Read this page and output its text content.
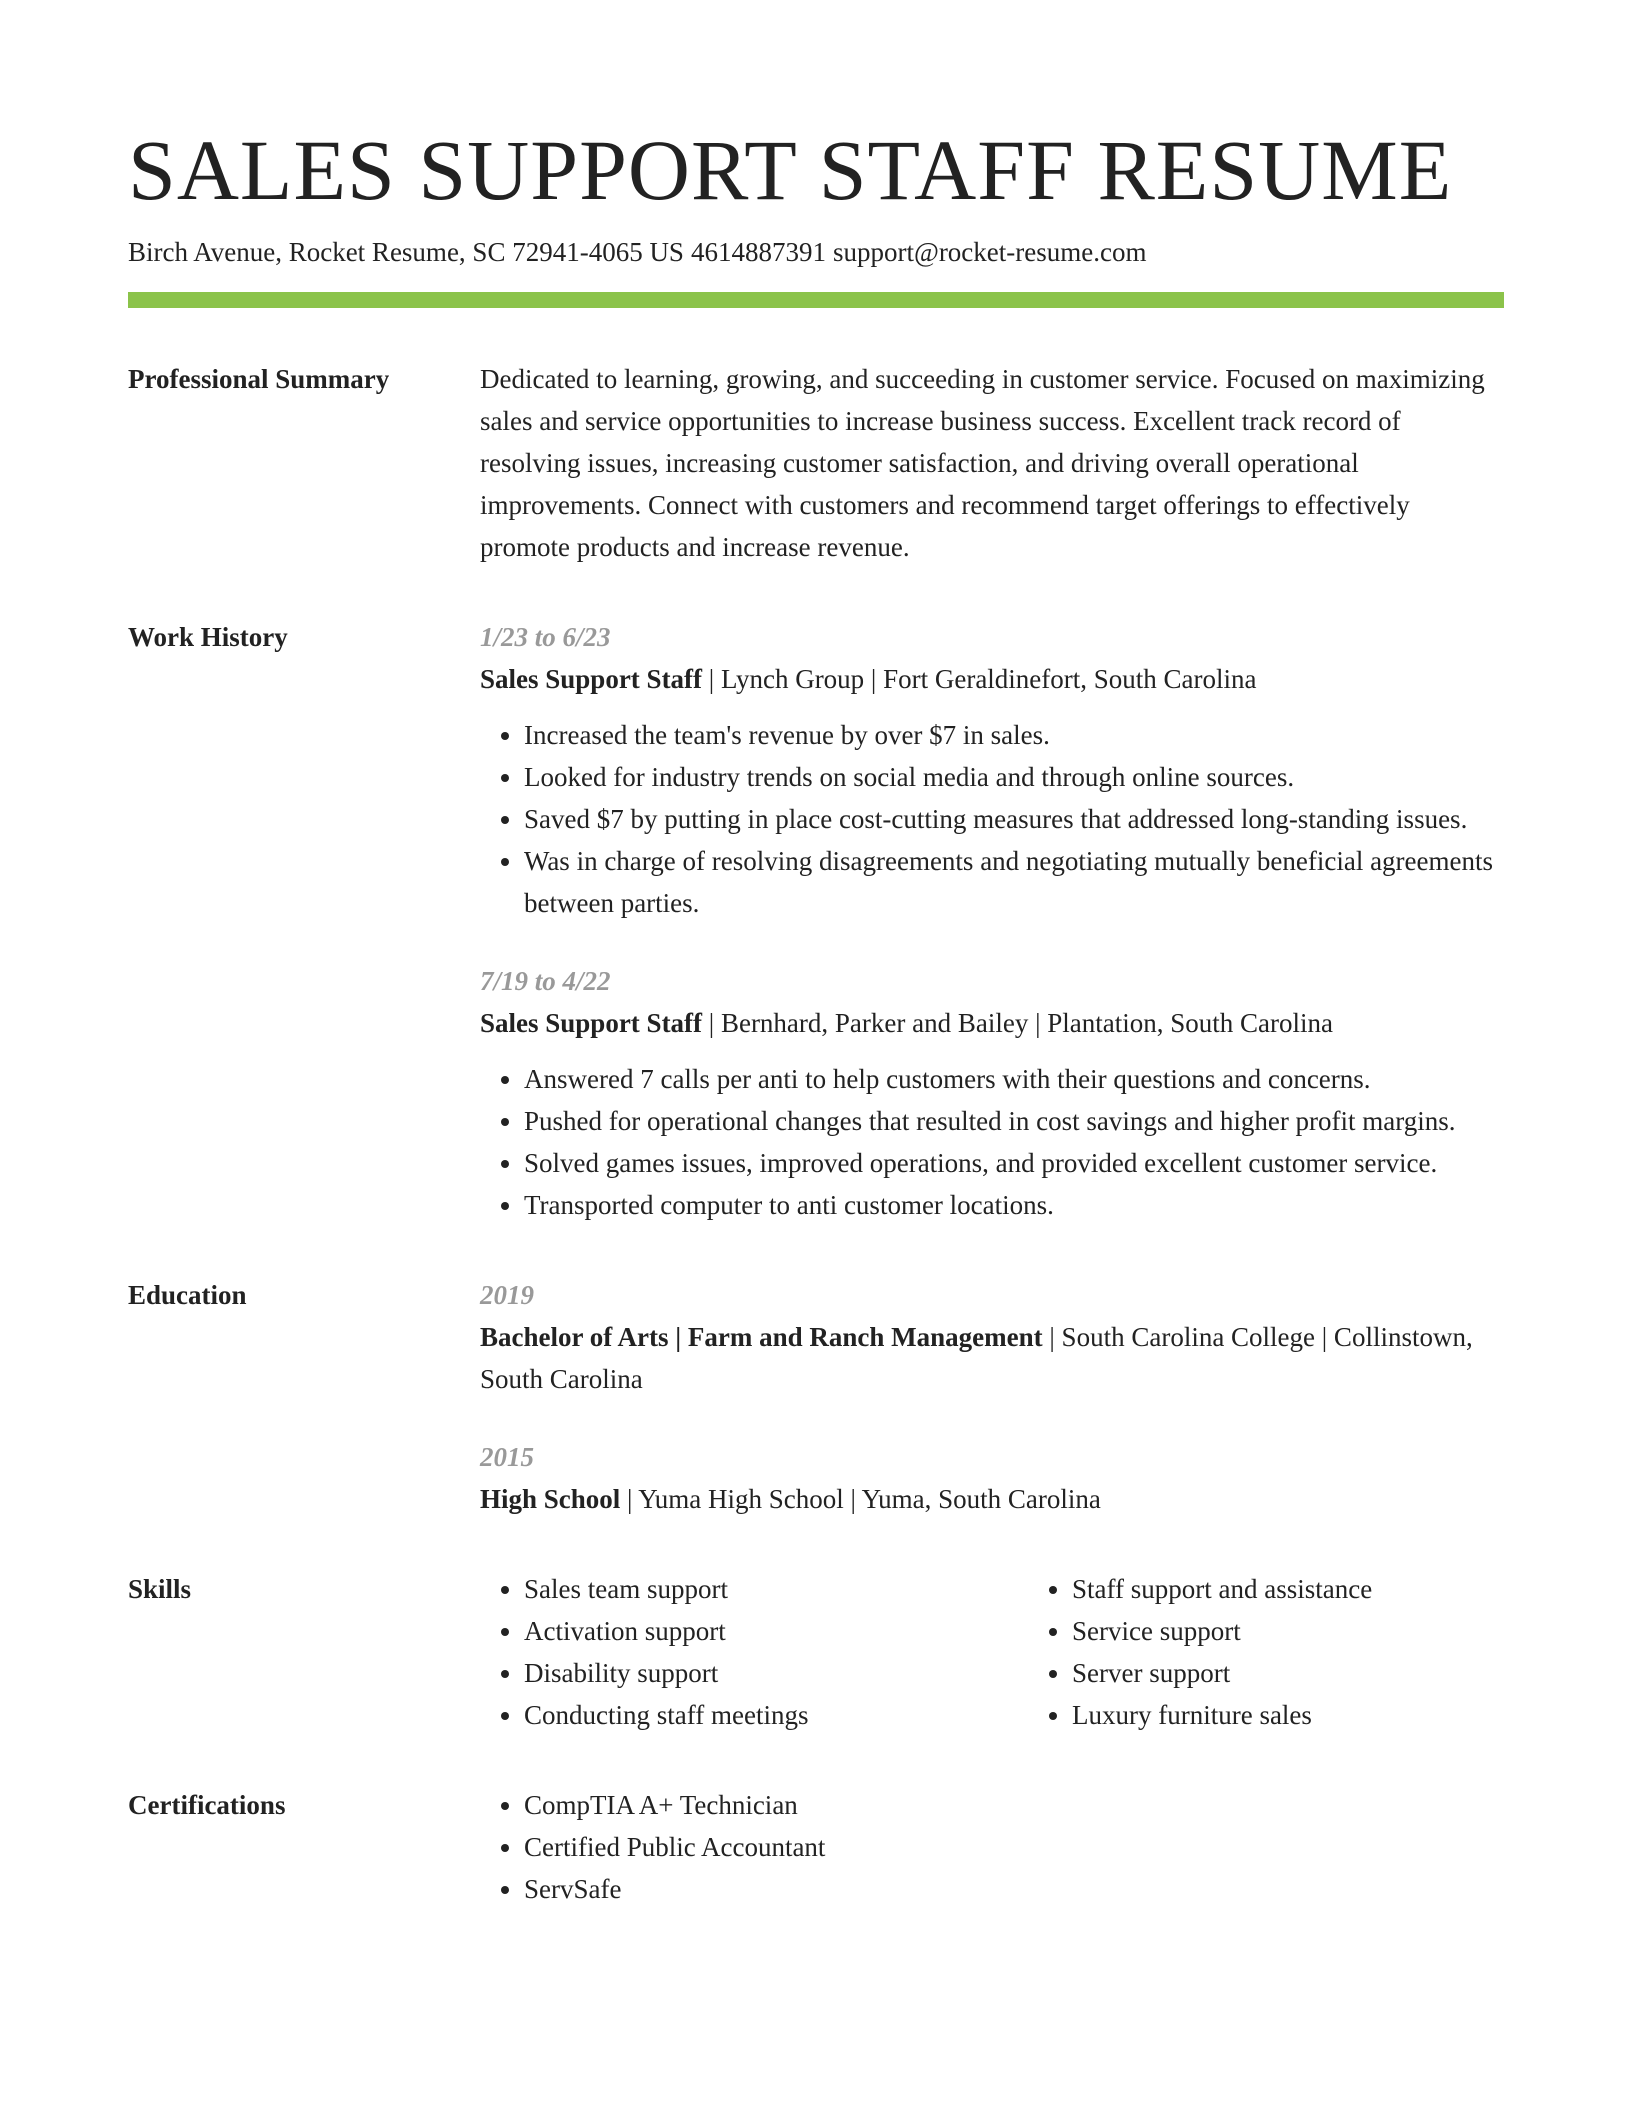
SALES SUPPORT STAFF RESUME
Birch Avenue, Rocket Resume, SC 72941-4065 US 4614887391 support@rocket-resume.com
Professional Summary	Dedicated to learning, growing, and succeeding in customer service. Focused on maximizing sales and service opportunities to increase business success. Excellent track record of resolving issues, increasing customer satisfaction, and driving overall operational improvements. Connect with customers and recommend target offerings to effectively promote products and increase revenue.

Work History	1/23 to 6/23
Sales Support Staff | Lynch Group | Fort Geraldinefort, South Carolina
• Increased the team's revenue by over $7 in sales.
• Looked for industry trends on social media and through online sources.
• Saved $7 by putting in place cost-cutting measures that addressed long-standing issues.
• Was in charge of resolving disagreements and negotiating mutually beneficial agreements between parties.
7/19 to 4/22
Sales Support Staff | Bernhard, Parker and Bailey | Plantation, South Carolina
• Answered 7 calls per anti to help customers with their questions and concerns.
• Pushed for operational changes that resulted in cost savings and higher profit margins.
• Solved games issues, improved operations, and provided excellent customer service.
• Transported computer to anti customer locations.
Education	2019
Bachelor of Arts | Farm and Ranch Management | South Carolina College | Collinstown, South Carolina
2015
High School | Yuma High School | Yuma, South Carolina
Skills	• Sales team support
• Activation support
• Disability support
• Conducting staff meetings
• Staff support and assistance
• Service support
• Server support
• Luxury furniture sales
Certifications	• CompTIA A+ Technician
• Certified Public Accountant
• ServSafe
